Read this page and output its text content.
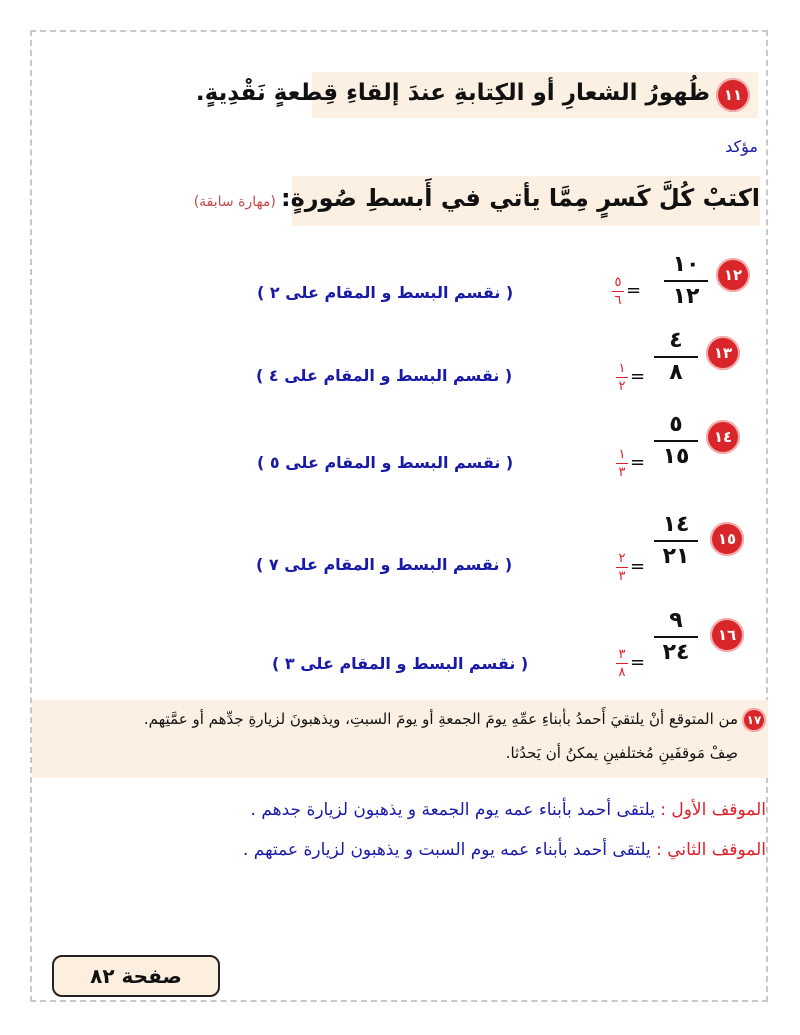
١١
ظُهورُ الشعارِ أو الكِتابةِ عندَ إلقاءِ قِطعةٍ نَقْدِيةٍ.
مؤكد
اكتبْ كُلَّ كَسرٍ مِمَّا يأتي في أَبسطِ صُورةٍ: (مهارة سابقة)
١٢
١٠
١٢
=
٥
٦
( نقسم البسط و المقام على ٢ )
١٣
٤
٨
=
١
٢
( نقسم البسط و المقام على ٤ )
١٤
٥
١٥
=
١
٣
( نقسم البسط و المقام على ٥ )
١٥
١٤
٢١
=
٢
٣
( نقسم البسط و المقام على ٧ )
١٦
٩
٢٤
=
٣
٨
( نقسم البسط و المقام على ٣ )
١٧
من المتوقع أنْ يلتقيَ أَحمدُ بأبناءِ عمِّهِ يومَ الجمعةِ أو يومَ السبتِ، ويذهبونَ لزيارةِ جدِّهم أو عمَّتِهم.
صِفْ مَوقفَينِ مُختلفينِ يمكنُ أن يَحدُثا.
الموقف الأول : يلتقى أحمد بأبناء عمه يوم الجمعة و يذهبون لزيارة جدهم .
الموقف الثاني : يلتقى أحمد بأبناء عمه يوم السبت و يذهبون لزيارة عمتهم .
صفحة ٨٢
